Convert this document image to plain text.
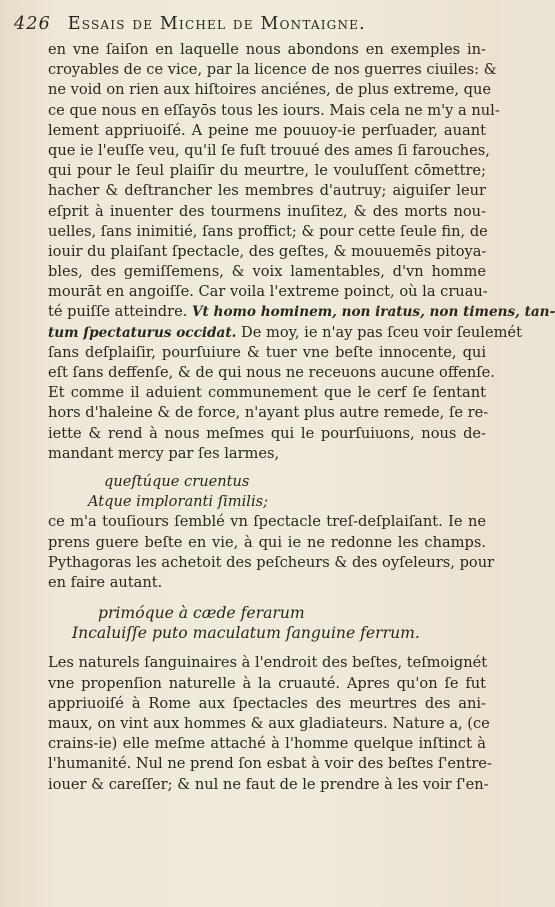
426 Essais de Michel de Montaigne.
en vne ſaiſon en laquelle nous abondons en exemples in-
croyables de ce vice, par la licence de nos guerres ciuiles: &
ne void on rien aux hiſtoires anciénes, de plus extreme, que
ce que nous en eſſayōs tous les iours. Mais cela ne m'y a nul-
lement appriuoiſé. A peine me pouuoy-ie perſuader, auant
que ie l'euſſe veu, qu'il ſe fuſt trouué des ames ſi farouches,
qui pour le ſeul plaiſir du meurtre, le vouluſſent cōmettre;
hacher & deſtrancher les membres d'autruy; aiguiſer leur
eſprit à inuenter des tourmens inuſitez, & des morts nou-
uelles, ſans inimitié, ſans proffict; & pour cette ſeule fin, de
iouir du plaiſant ſpectacle, des geſtes, & mouuemēs pitoya-
bles, des gemiſſemens, & voix lamentables, d'vn homme
mourāt en angoiſſe. Car voila l'extreme poinct, où la cruau-
té puiſſe atteindre. Vt homo hominem, non iratus, non timens, tan-
tum ſpectaturus occidat. De moy, ie n'ay pas ſceu voir ſeulemét
ſans deſplaiſir, pourſuiure & tuer vne beſte innocente, qui
eſt ſans deffenſe, & de qui nous ne receuons aucune offenſe.
Et comme il aduient communement que le cerf ſe ſentant
hors d'haleine & de force, n'ayant plus autre remede, ſe re-
iette & rend à nous meſmes qui le pourſuiuons, nous de-
mandant mercy par ſes larmes,
queſtúque cruentus
Atque imploranti ſimilis;
ce m'a touſiours ſemblé vn ſpectacle treſ-deſplaiſant. Ie ne
prens guere beſte en vie, à qui ie ne redonne les champs.
Pythagoras les achetoit des peſcheurs & des oyſeleurs, pour
en faire autant.
primóque à cæde ferarum
Incaluiſſe puto maculatum ſanguine ferrum.
Les naturels ſanguinaires à l'endroit des beſtes, teſmoignét
vne propenſion naturelle à la cruauté. Apres qu'on ſe fut
appriuoiſé à Rome aux ſpectacles des meurtres des ani-
maux, on vint aux hommes & aux gladiateurs. Nature a, (ce
crains-ie) elle meſme attaché à l'homme quelque inſtinct à
l'humanité. Nul ne prend ſon esbat à voir des beſtes ſ'entre-
iouer & careſſer; & nul ne faut de le prendre à les voir ſ'en-
